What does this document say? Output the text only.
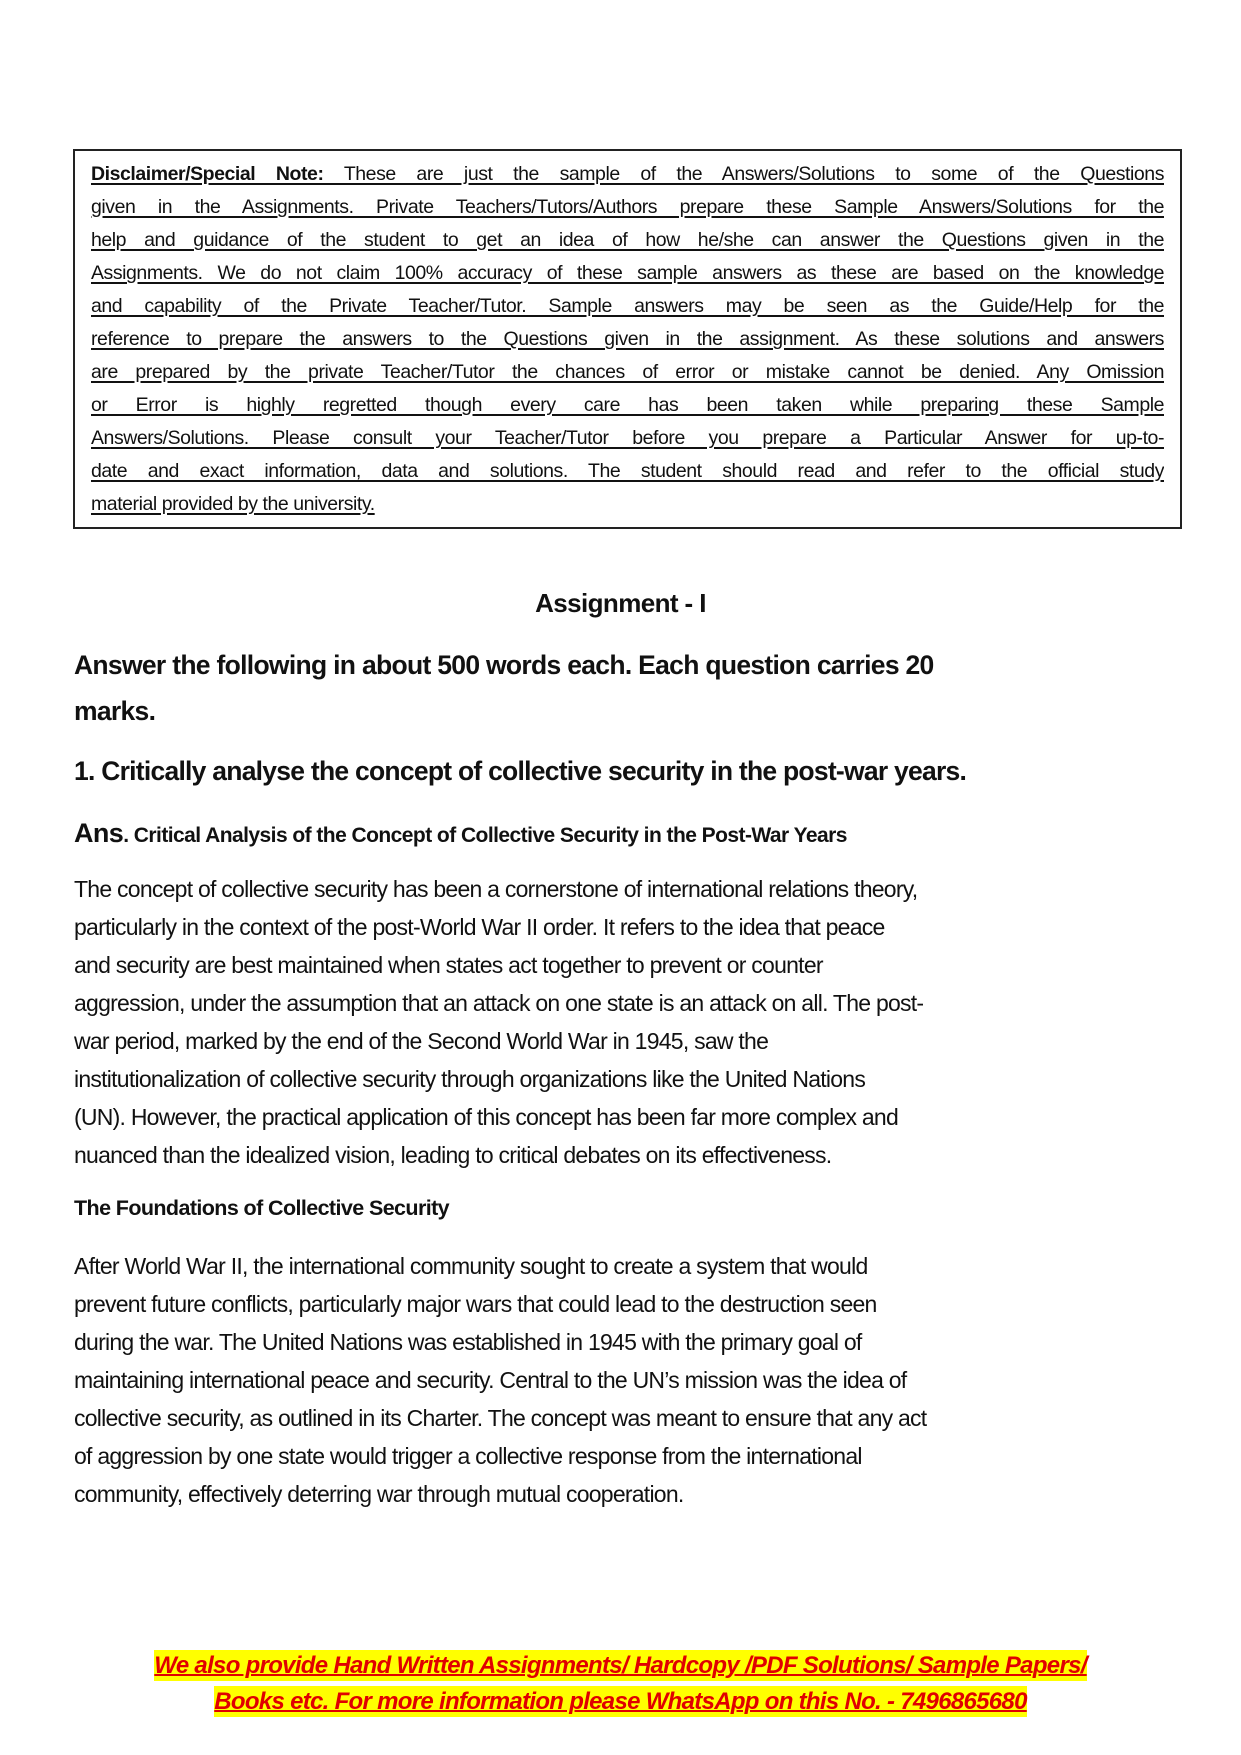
Disclaimer/Special Note: These are just the sample of the Answers/Solutions to some of the Questions
given in the Assignments. Private Teachers/Tutors/Authors prepare these Sample Answers/Solutions for the
help and guidance of the student to get an idea of how he/she can answer the Questions given in the
Assignments. We do not claim 100% accuracy of these sample answers as these are based on the knowledge
and capability of the Private Teacher/Tutor. Sample answers may be seen as the Guide/Help for the
reference to prepare the answers to the Questions given in the assignment. As these solutions and answers
are prepared by the private Teacher/Tutor the chances of error or mistake cannot be denied. Any Omission
or Error is highly regretted though every care has been taken while preparing these Sample
Answers/Solutions. Please consult your Teacher/Tutor before you prepare a Particular Answer for up-to-
date and exact information, data and solutions. The student should read and refer to the official study
material provided by the university.
Assignment - I
Answer the following in about 500 words each. Each question carries 20
marks.
1. Critically analyse the concept of collective security in the post-war years.
Ans. Critical Analysis of the Concept of Collective Security in the Post-War Years
The concept of collective security has been a cornerstone of international relations theory,
particularly in the context of the post-World War II order. It refers to the idea that peace
and security are best maintained when states act together to prevent or counter
aggression, under the assumption that an attack on one state is an attack on all. The post-
war period, marked by the end of the Second World War in 1945, saw the
institutionalization of collective security through organizations like the United Nations
(UN). However, the practical application of this concept has been far more complex and
nuanced than the idealized vision, leading to critical debates on its effectiveness.
The Foundations of Collective Security
After World War II, the international community sought to create a system that would
prevent future conflicts, particularly major wars that could lead to the destruction seen
during the war. The United Nations was established in 1945 with the primary goal of
maintaining international peace and security. Central to the UN’s mission was the idea of
collective security, as outlined in its Charter. The concept was meant to ensure that any act
of aggression by one state would trigger a collective response from the international
community, effectively deterring war through mutual cooperation.
We also provide Hand Written Assignments/ Hardcopy /PDF Solutions/ Sample Papers/
Books etc. For more information please WhatsApp on this No. - 7496865680
